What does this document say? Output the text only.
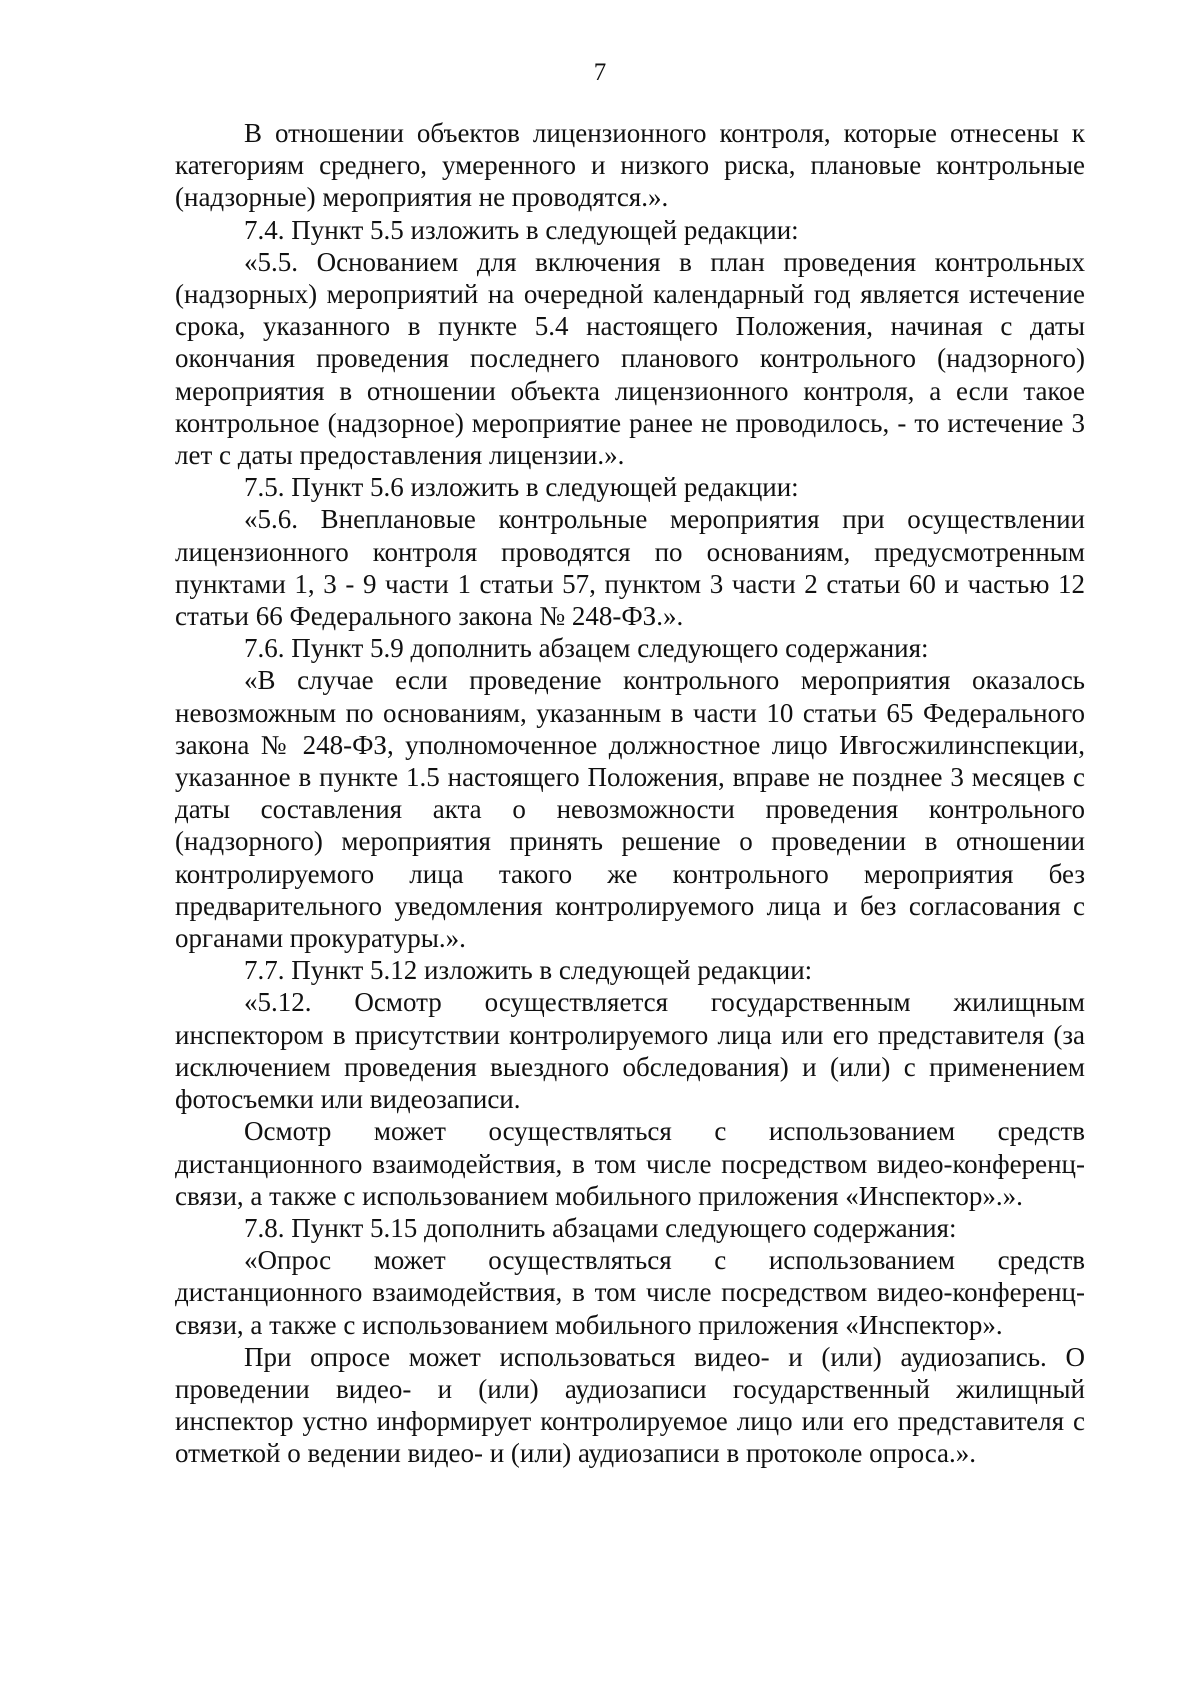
7

В отношении объектов лицензионного контроля, которые отнесены к категориям среднего, умеренного и низкого риска, плановые контрольные (надзорные) мероприятия не проводятся.».

7.4. Пункт 5.5 изложить в следующей редакции:

«5.5. Основанием для включения в план проведения контрольных (надзорных) мероприятий на очередной календарный год является истечение срока, указанного в пункте 5.4 настоящего Положения, начиная с даты окончания проведения последнего планового контрольного (надзорного) мероприятия в отношении объекта лицензионного контроля, а если такое контрольное (надзорное) мероприятие ранее не проводилось, - то истечение 3 лет с даты предоставления лицензии.».

7.5. Пункт 5.6 изложить в следующей редакции:

«5.6. Внеплановые контрольные мероприятия при осуществлении лицензионного контроля проводятся по основаниям, предусмотренным пунктами 1, 3 - 9 части 1 статьи 57, пунктом 3 части 2 статьи 60 и частью 12 статьи 66 Федерального закона № 248-ФЗ.».

7.6. Пункт 5.9 дополнить абзацем следующего содержания:

«В случае если проведение контрольного мероприятия оказалось невозможным по основаниям, указанным в части 10 статьи 65 Федерального закона № 248-ФЗ, уполномоченное должностное лицо Ивгосжилинспекции, указанное в пункте 1.5 настоящего Положения, вправе не позднее 3 месяцев с даты составления акта о невозможности проведения контрольного (надзорного) мероприятия принять решение о проведении в отношении контролируемого лица такого же контрольного мероприятия без предварительного уведомления контролируемого лица и без согласования с органами прокуратуры.».

7.7. Пункт 5.12 изложить в следующей редакции:

«5.12. Осмотр осуществляется государственным жилищным инспектором в присутствии контролируемого лица или его представителя (за исключением проведения выездного обследования) и (или) с применением фотосъемки или видеозаписи.

Осмотр может осуществляться с использованием средств дистанционного взаимодействия, в том числе посредством видео-конференц-связи, а также с использованием мобильного приложения «Инспектор».».

7.8. Пункт 5.15 дополнить абзацами следующего содержания:

«Опрос может осуществляться с использованием средств дистанционного взаимодействия, в том числе посредством видео-конференц-связи, а также с использованием мобильного приложения «Инспектор».

При опросе может использоваться видео- и (или) аудиозапись. О проведении видео- и (или) аудиозаписи государственный жилищный инспектор устно информирует контролируемое лицо или его представителя с отметкой о ведении видео- и (или) аудиозаписи в протоколе опроса.».
